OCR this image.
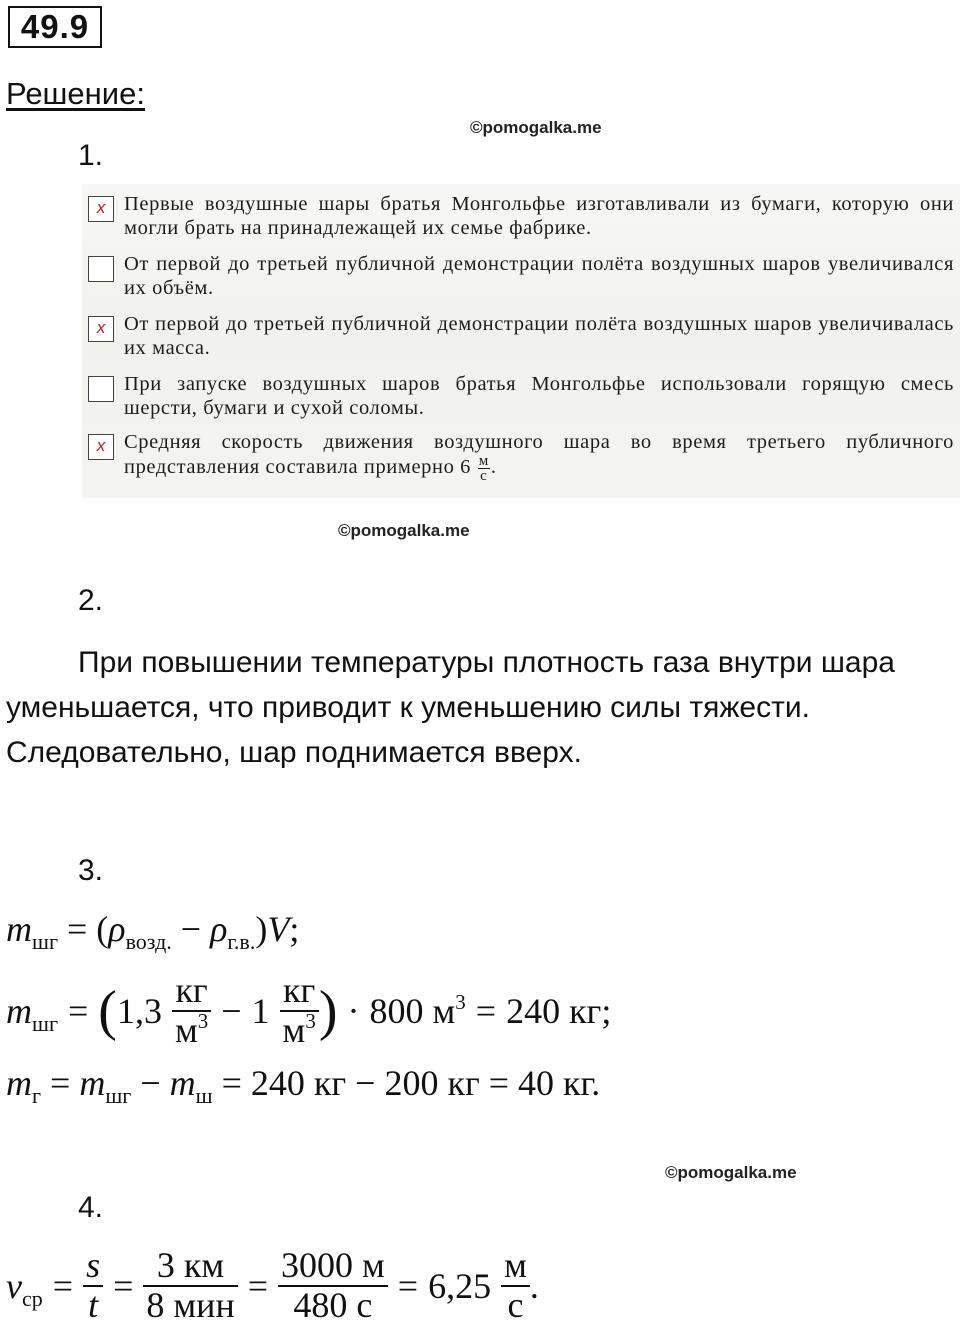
49.9
Решение:
©pomogalka.me
1.
x Первые воздушные шары братья Монгольфье изготавливали из бумаги, которую они могли брать на принадлежащей их семье фабрике.
От первой до третьей публичной демонстрации полёта воздушных шаров увеличивался их объём.
x От первой до третьей публичной демонстрации полёта воздушных шаров увеличивалась их масса.
При запуске воздушных шаров братья Монгольфье использовали горящую смесь шерсти, бумаги и сухой соломы.
x Средняя скорость движения воздушного шара во время третьего публичного представления составила примерно $6 \frac{м}{с}$ .
©pomogalka.me
2.
При повышении температуры плотность газа внутри шара уменьшается, что приводит к уменьшению силы тяжести. Следовательно, шар поднимается вверх.
3.
$m_{шг} = (\rho_{возд.} - \rho_{г.в.})V$;
$m_{шг}$ = ( $1,3 \frac{кг}{м^3} - 1 \frac{кг}{м^3}$ ) · 800 $м^3 = 240$ кг;
$m_г = m_{шг} - m_ш = 240$ кг − 200 кг = 40 кг.
©pomogalka.me
4.
$v_{ср} = \frac{s}{t} = \frac{3 км}{\text{8 мин}} = \frac{3000 м}{480 с} = 6,25 \frac{м}{с}$ .
